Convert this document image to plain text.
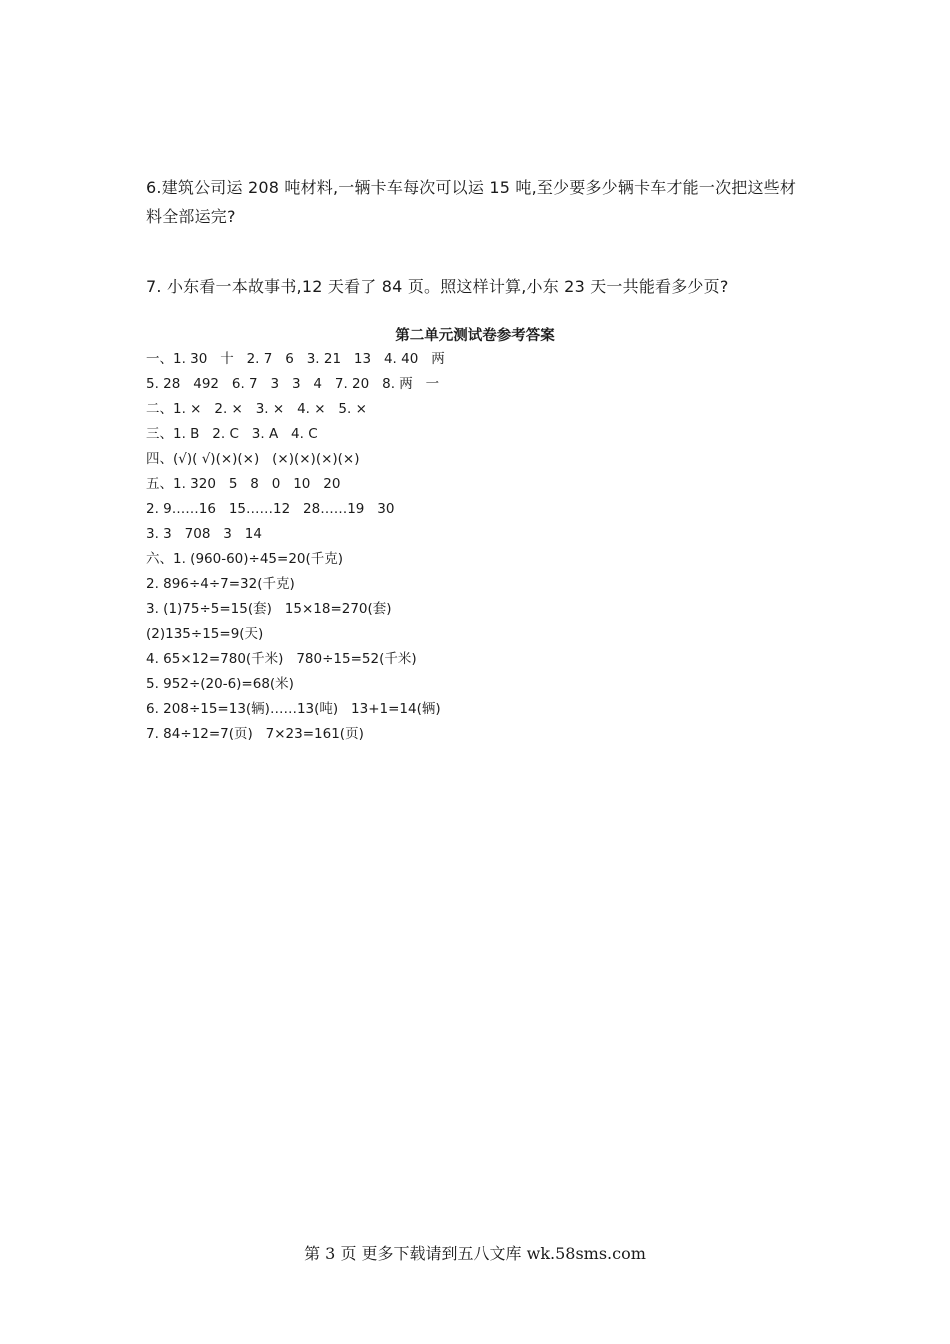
6.建筑公司运 208 吨材料,一辆卡车每次可以运 15 吨,至少要多少辆卡车才能一次把这些材料全部运完?
7. 小东看一本故事书,12 天看了 84 页。照这样计算,小东 23 天一共能看多少页?
第二单元测试卷参考答案
一、1. 30   十   2. 7   6   3. 21   13   4. 40   两
5. 28   492   6. 7   3   3   4   7. 20   8. 两   一
二、1. ×   2. ×   3. ×   4. ×   5. ×
三、1. B   2. C   3. A   4. C
四、(√)( √)(×)(×)   (×)(×)(×)(×)
五、1. 320   5   8   0   10   20
2. 9……16   15……12   28……19   30
3. 3   708   3   14
六、1. (960-60)÷45=20(千克)
2. 896÷4÷7=32(千克)
3. (1)75÷5=15(套)   15×18=270(套)
(2)135÷15=9(天)
4. 65×12=780(千米)   780÷15=52(千米)
5. 952÷(20-6)=68(米)
6. 208÷15=13(辆)……13(吨)   13+1=14(辆)
7. 84÷12=7(页)   7×23=161(页)
第 3 页 更多下载请到五八文库 wk.58sms.com
